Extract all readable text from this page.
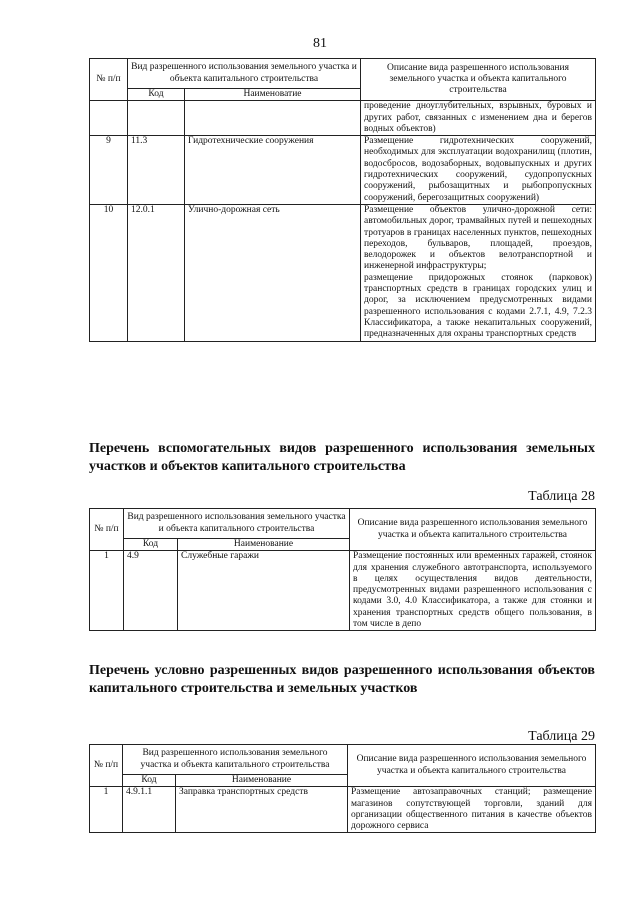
81
№ п/п	Вид разрешенного использования земельного участка и объекта капитального строительства		Описание вида разрешенного использования земельного участка и объекта капитального строительства
	Код	Наименоватие	
			проведение дноуглубительных, взрывных, буровых и других работ, связанных с изменением дна и берегов водных объектов)
9	11.3	Гидротехнические сооружения	Размещение гидротехнических сооружений, необходимых для эксплуатации водохранилищ (плотин, водосбросов, водозаборных, водовыпускных и других гидротехнических сооружений, судопропускных сооружений, рыбозащитных и рыбопропускных сооружений, берегозащитных сооружений)
10	12.0.1	Улично-дорожная сеть	Размещение объектов улично-дорожной сети: автомобильных дорог, трамвайных путей и пешеходных тротуаров в границах населенных пунктов, пешеходных переходов, бульваров, площадей, проездов, велодорожек и объектов велотранспортной и инженерной инфраструктуры;
размещение придорожных стоянок (парковок) транспортных средств в границах городских улиц и дорог, за исключением предусмотренных видами разрешенного использования с кодами 2.7.1, 4.9, 7.2.3 Классификатора, а также некапитальных сооружений, предназначенных для охраны транспортных средств
Перечень вспомогательных видов разрешенного использования земельных участков и объектов капитального строительства
Таблица 28
№ п/п	Вид разрешенного использования земельного участка и объекта капитального строительства		Описание вида разрешенного использования земельного участка и объекта капитального строительства
	Код	Наименование	
1	4.9	Служебные гаражи	Размещение постоянных или временных гаражей, стоянок для хранения служебного автотранспорта, используемого в целях осуществления видов деятельности, предусмотренных видами разрешенного использования с кодами 3.0, 4.0 Классификатора, а также для стоянки и хранения транспортных средств общего пользования, в том числе в депо
Перечень условно разрешенных видов разрешенного использования объектов капитального строительства и земельных участков
Таблица 29
№ п/п	Вид разрешенного использования земельного участка и объекта капитального строительства		Описание вида разрешенного использования земельного участка и объекта капитального строительства
	Код	Наименование	
1	4.9.1.1	Заправка транспортных средств	Размещение автозаправочных станций; размещение магазинов сопутствующей торговли, зданий для организации общественного питания в качестве объектов дорожного сервиса
